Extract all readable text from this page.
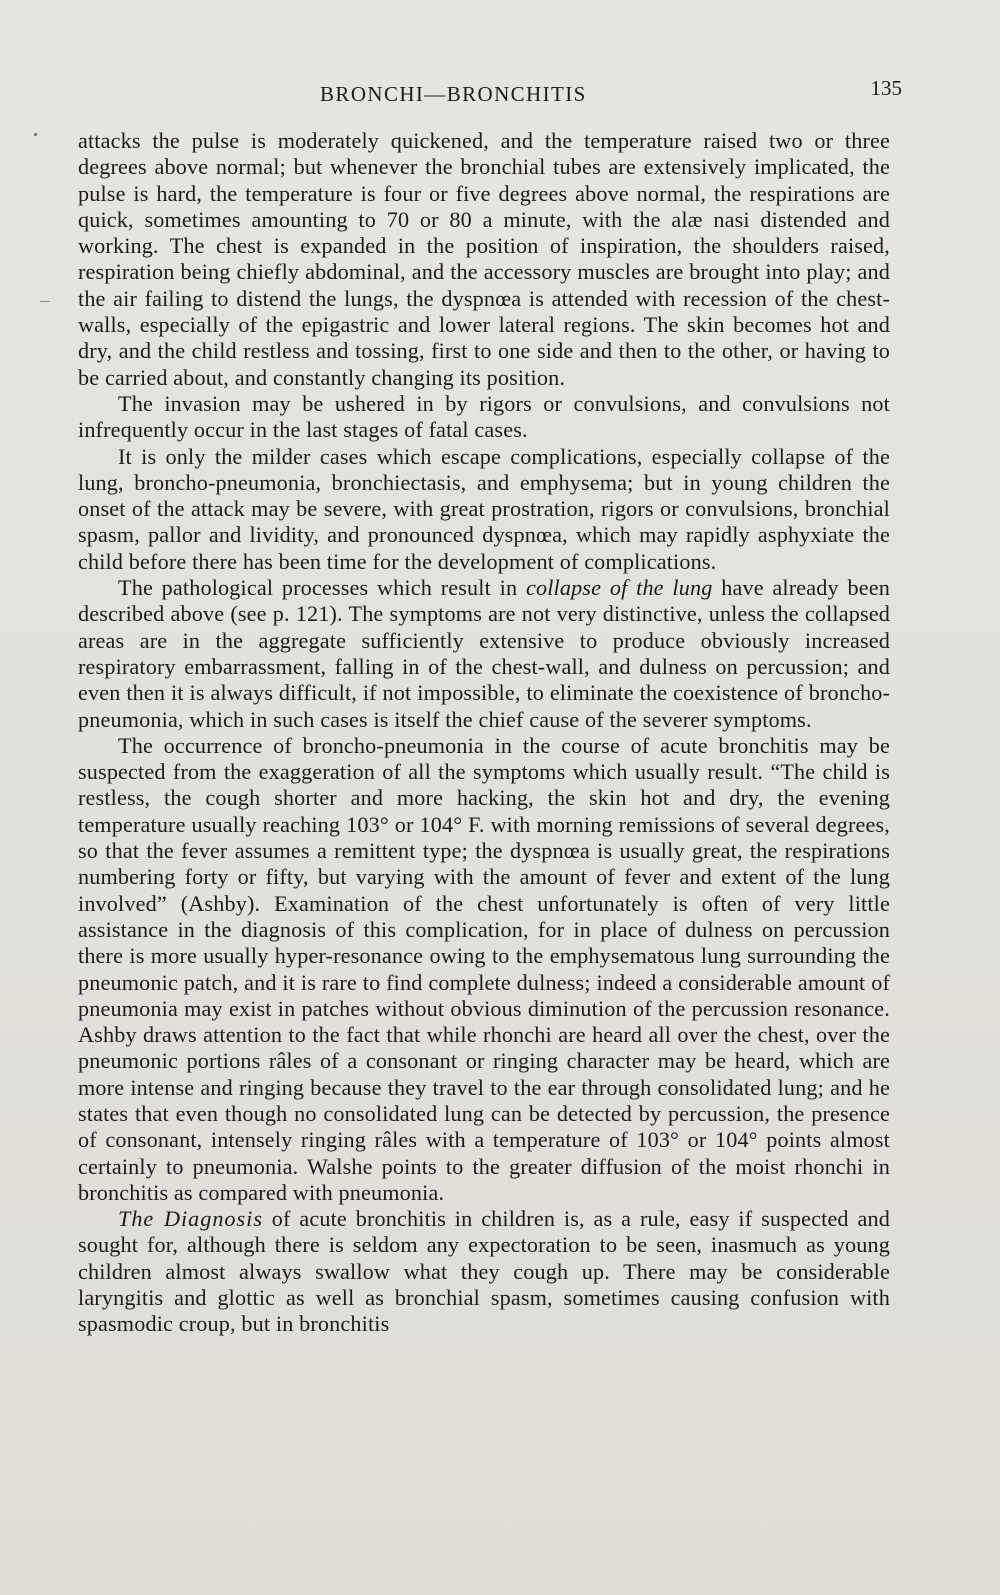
BRONCHI—BRONCHITIS	135

attacks the pulse is moderately quickened, and the temperature raised two or three degrees above normal; but whenever the bronchial tubes are extensively implicated, the pulse is hard, the temperature is four or five degrees above normal, the respirations are quick, sometimes amounting to 70 or 80 a minute, with the alæ nasi distended and working. The chest is expanded in the position of inspiration, the shoulders raised, respiration being chiefly abdominal, and the accessory muscles are brought into play; and the air failing to distend the lungs, the dyspnœa is attended with recession of the chest-walls, especially of the epigastric and lower lateral regions. The skin becomes hot and dry, and the child restless and tossing, first to one side and then to the other, or having to be carried about, and constantly changing its position.

The invasion may be ushered in by rigors or convulsions, and convulsions not infrequently occur in the last stages of fatal cases.

It is only the milder cases which escape complications, especially collapse of the lung, broncho-pneumonia, bronchiectasis, and emphysema; but in young children the onset of the attack may be severe, with great prostration, rigors or convulsions, bronchial spasm, pallor and lividity, and pronounced dyspnœa, which may rapidly asphyxiate the child before there has been time for the development of complications.

The pathological processes which result in collapse of the lung have already been described above (see p. 121). The symptoms are not very distinctive, unless the collapsed areas are in the aggregate sufficiently extensive to produce obviously increased respiratory embarrassment, falling in of the chest-wall, and dulness on percussion; and even then it is always difficult, if not impossible, to eliminate the coexistence of broncho-pneumonia, which in such cases is itself the chief cause of the severer symptoms.

The occurrence of broncho-pneumonia in the course of acute bronchitis may be suspected from the exaggeration of all the symptoms which usually result. “The child is restless, the cough shorter and more hacking, the skin hot and dry, the evening temperature usually reaching 103° or 104° F. with morning remissions of several degrees, so that the fever assumes a remittent type; the dyspnœa is usually great, the respirations numbering forty or fifty, but varying with the amount of fever and extent of the lung involved” (Ashby). Examination of the chest unfortunately is often of very little assistance in the diagnosis of this complication, for in place of dulness on percussion there is more usually hyper-resonance owing to the emphysematous lung surrounding the pneumonic patch, and it is rare to find complete dulness; indeed a considerable amount of pneumonia may exist in patches without obvious diminution of the percussion resonance. Ashby draws attention to the fact that while rhonchi are heard all over the chest, over the pneumonic portions râles of a consonant or ringing character may be heard, which are more intense and ringing because they travel to the ear through consolidated lung; and he states that even though no consolidated lung can be detected by percussion, the presence of consonant, intensely ringing râles with a temperature of 103° or 104° points almost certainly to pneumonia. Walshe points to the greater diffusion of the moist rhonchi in bronchitis as compared with pneumonia.

The Diagnosis of acute bronchitis in children is, as a rule, easy if suspected and sought for, although there is seldom any expectoration to be seen, inasmuch as young children almost always swallow what they cough up. There may be considerable laryngitis and glottic as well as bronchial spasm, sometimes causing confusion with spasmodic croup, but in bronchitis
